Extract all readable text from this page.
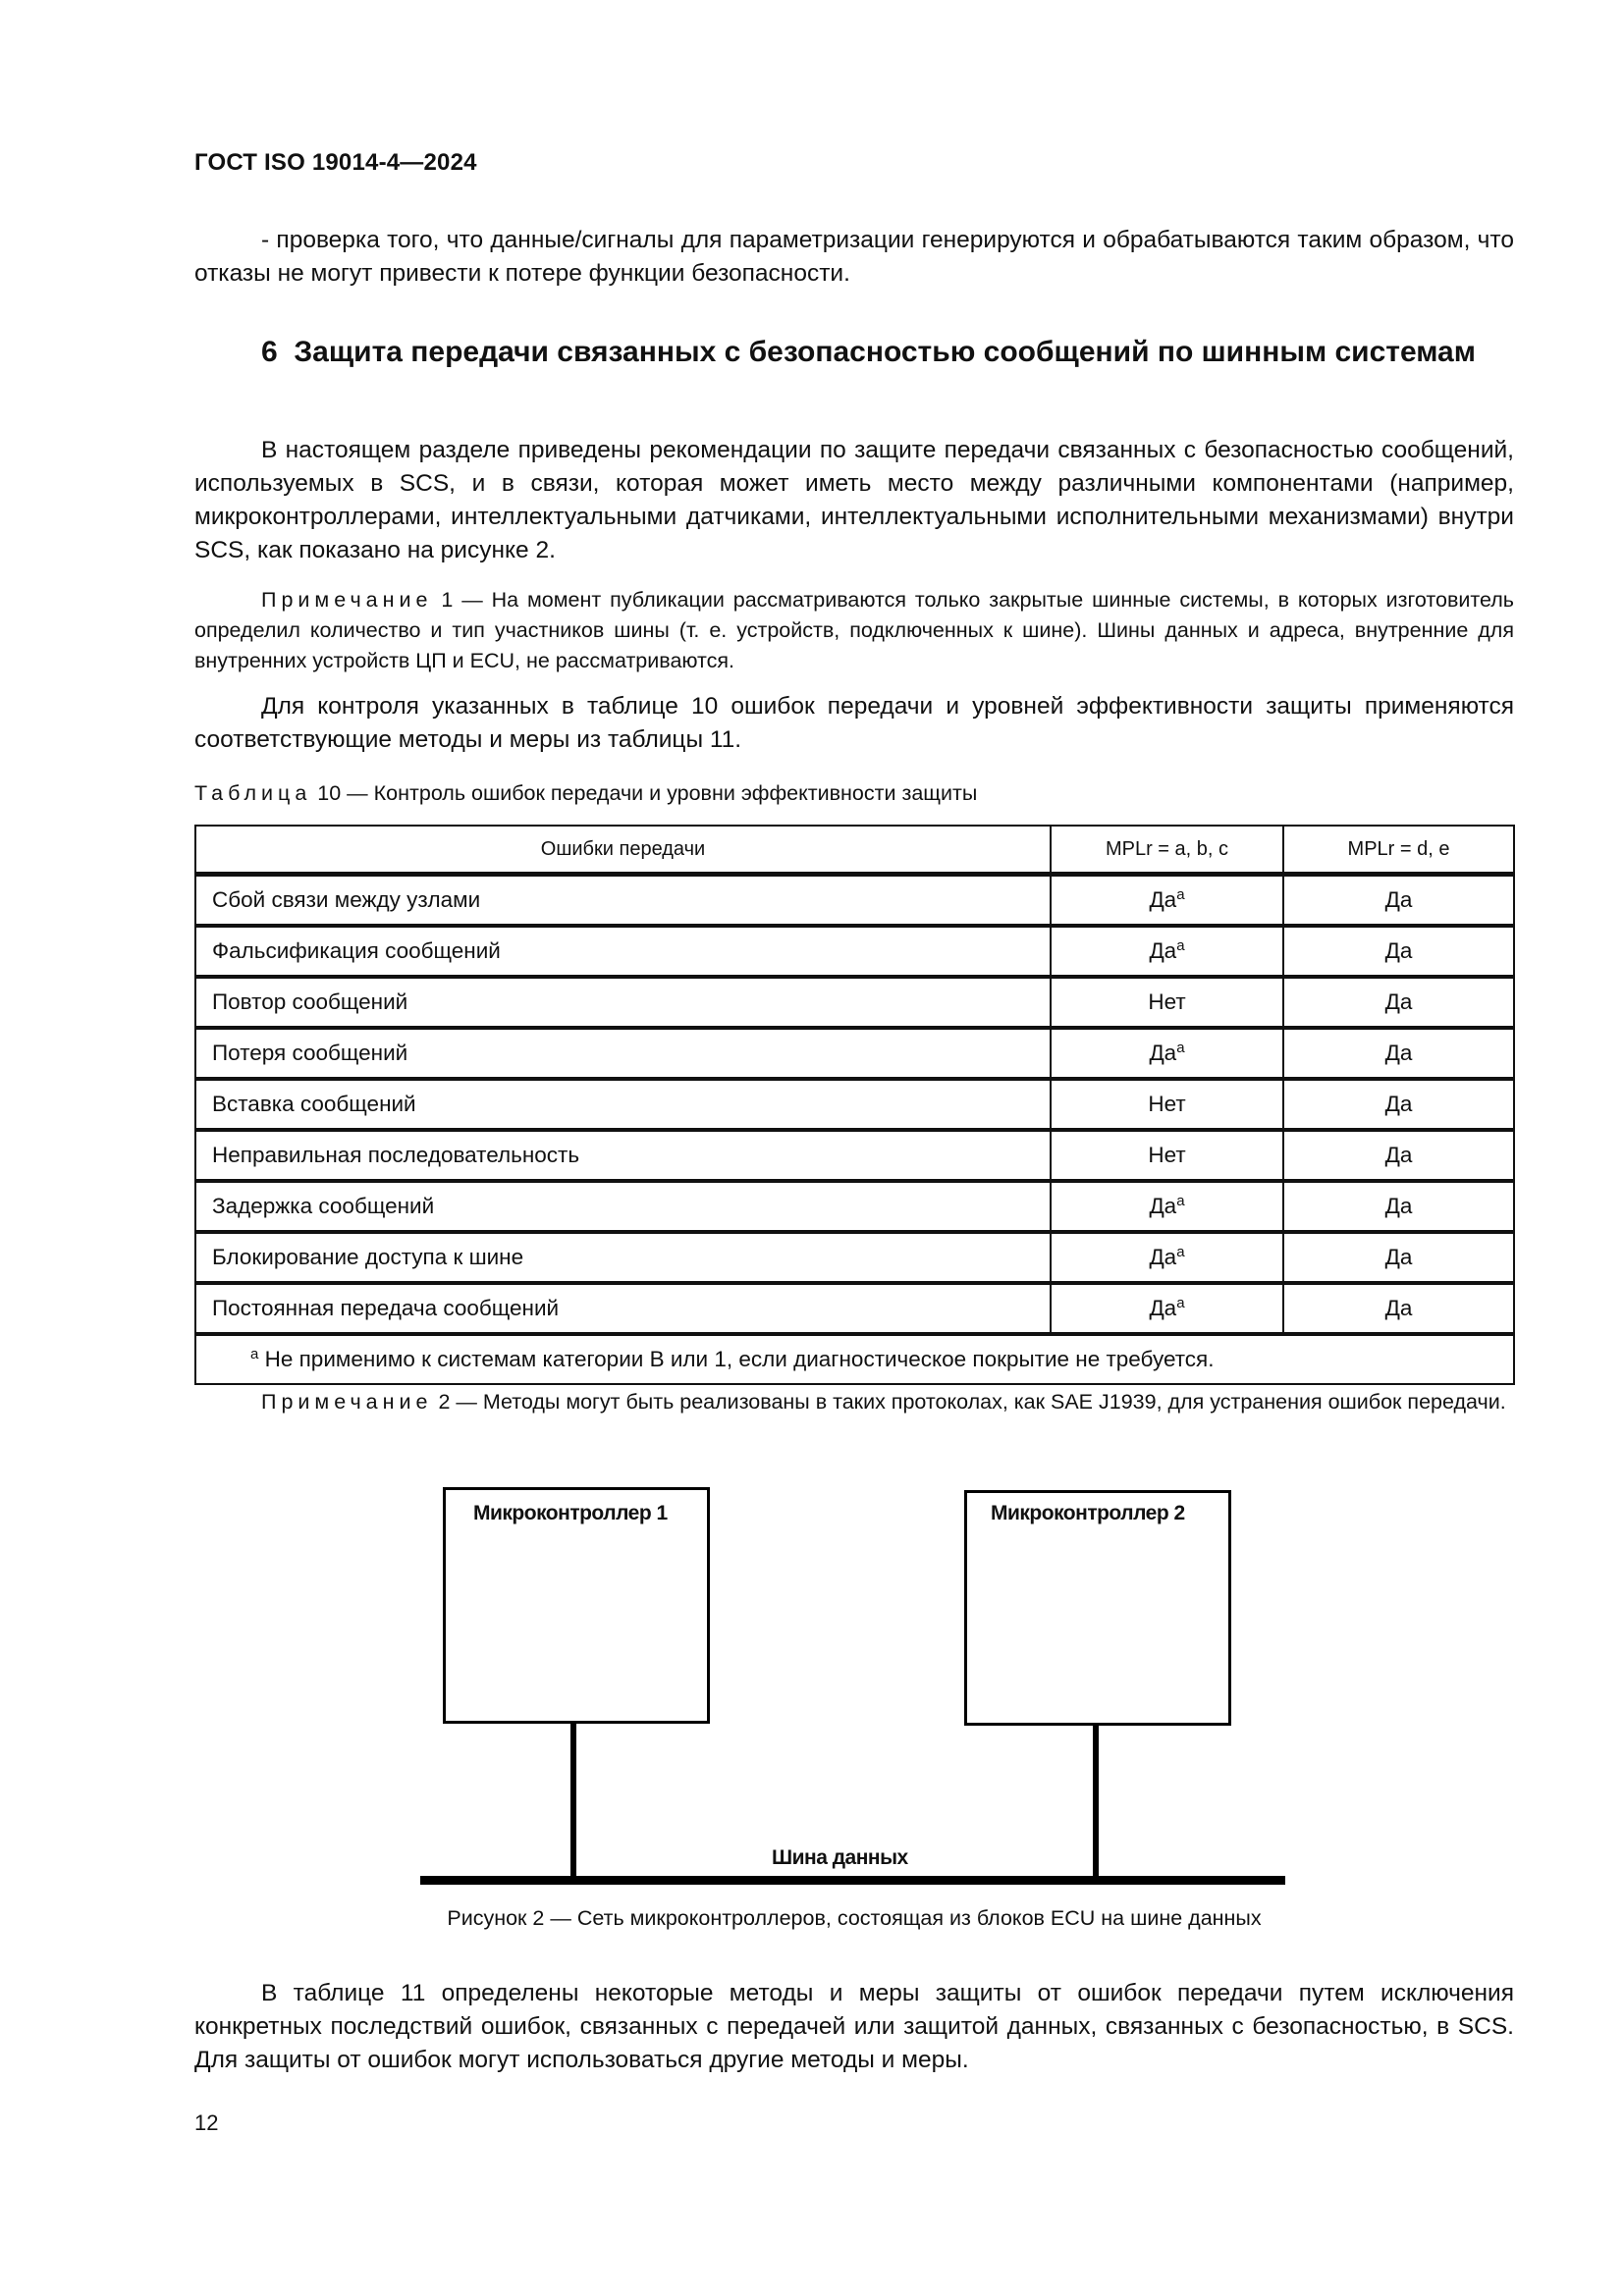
ГОСТ ISO 19014-4—2024
- проверка того, что данные/сигналы для параметризации генерируются и обрабатываются таким образом, что отказы не могут привести к потере функции безопасности.
6 Защита передачи связанных с безопасностью сообщений по шинным системам
В настоящем разделе приведены рекомендации по защите передачи связанных с безопасностью сообщений, используемых в SCS, и в связи, которая может иметь место между различными компонентами (например, микроконтроллерами, интеллектуальными датчиками, интеллектуальными исполнительными механизмами) внутри SCS, как показано на рисунке 2.
Примечание 1 — На момент публикации рассматриваются только закрытые шинные системы, в которых изготовитель определил количество и тип участников шины (т. е. устройств, подключенных к шине). Шины данных и адреса, внутренние для внутренних устройств ЦП и ECU, не рассматриваются.
Для контроля указанных в таблице 10 ошибок передачи и уровней эффективности защиты применяются соответствующие методы и меры из таблицы 11.
Таблица 10 — Контроль ошибок передачи и уровни эффективности защиты
Ошибки передачи	MPLr = a, b, c	MPLr = d, e
Сбой связи между узлами	$Да^a$	Да
Фальсификация сообщений	$Да^a$	Да
Повтор сообщений	Нет	Да
Потеря сообщений	$Да^a$	Да
Вставка сообщений	Нет	Да
Неправильная последовательность	Нет	Да
Задержка сообщений	$Да^a$	Да
Блокирование доступа к шине	$Да^a$	Да
Постоянная передача сообщений	$Да^a$	Да
$^a$ Не применимо к системам категории В или 1, если диагностическое покрытие не требуется.		
Примечание 2 — Методы могут быть реализованы в таких протоколах, как SAE J1939, для устранения ошибок передачи.
Микроконтроллер 1	Микроконтроллер 2
Шина данных
Рисунок 2 — Сеть микроконтроллеров, состоящая из блоков ECU на шине данных
В таблице 11 определены некоторые методы и меры защиты от ошибок передачи путем исключения конкретных последствий ошибок, связанных с передачей или защитой данных, связанных с безопасностью, в SCS. Для защиты от ошибок могут использоваться другие методы и меры.
12
